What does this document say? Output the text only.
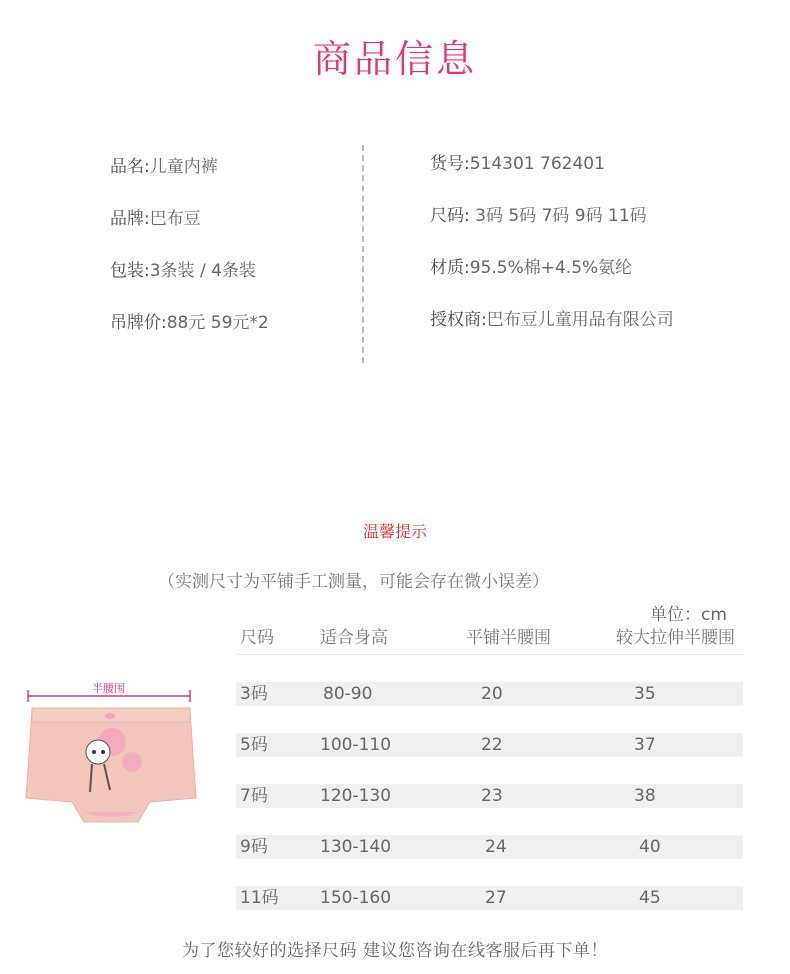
商品信息
品名:儿童内裤
品牌:巴布豆
包装:3条装 / 4条装
吊牌价:88元 59元*2
货号:514301 762401
尺码: 3码 5码 7码 9码 11码
材质:95.5%棉+4.5%氨纶
授权商:巴布豆儿童用品有限公司
温馨提示
（实测尺寸为平铺手工测量，可能会存在微小误差）
单位：cm
半腰围
尺码	适合身高	平铺半腰围	较大拉伸半腰围
3码	80-90	20	35
5码	100-110	22	37
7码	120-130	23	38
9码	130-140	24	40
11码 150-160	27	45
为了您较好的选择尺码 建议您咨询在线客服后再下单！
